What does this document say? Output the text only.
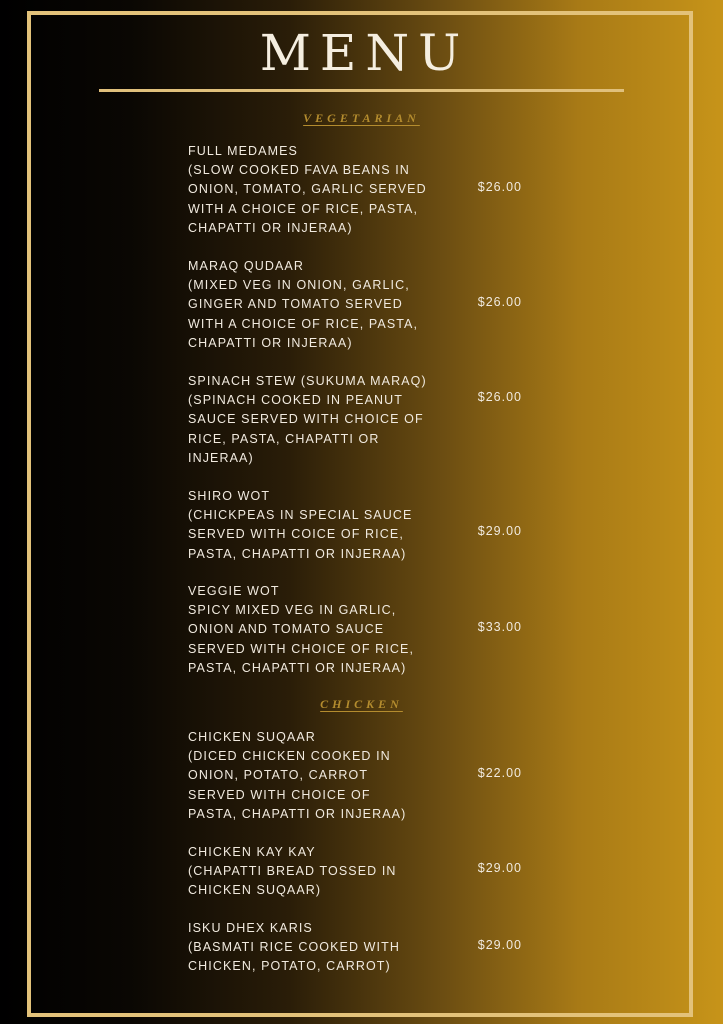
MENU
VEGETARIAN
FULL MEDAMES
(SLOW COOKED FAVA BEANS IN
ONION, TOMATO, GARLIC SERVED
WITH A CHOICE OF RICE, PASTA,
CHAPATTI OR INJERAA)
$26.00
MARAQ QUDAAR
(MIXED VEG IN ONION, GARLIC,
GINGER AND TOMATO SERVED
WITH A CHOICE OF RICE, PASTA,
CHAPATTI OR INJERAA)
$26.00
SPINACH STEW (SUKUMA MARAQ)
(SPINACH COOKED IN PEANUT
SAUCE SERVED WITH CHOICE OF
RICE, PASTA, CHAPATTI OR
INJERAA)
$26.00
SHIRO WOT
(CHICKPEAS IN SPECIAL SAUCE
SERVED WITH COICE OF RICE,
PASTA, CHAPATTI OR INJERAA)
$29.00
VEGGIE WOT
SPICY MIXED VEG IN GARLIC,
ONION AND TOMATO SAUCE
SERVED WITH CHOICE OF RICE,
PASTA, CHAPATTI OR INJERAA)
$33.00
CHICKEN
CHICKEN SUQAAR
(DICED CHICKEN COOKED IN
ONION, POTATO, CARROT
SERVED WITH CHOICE OF
PASTA, CHAPATTI OR INJERAA)
$22.00
CHICKEN KAY KAY
(CHAPATTI BREAD TOSSED IN
CHICKEN SUQAAR)
$29.00
ISKU DHEX KARIS
(BASMATI RICE COOKED WITH
CHICKEN, POTATO, CARROT)
$29.00
